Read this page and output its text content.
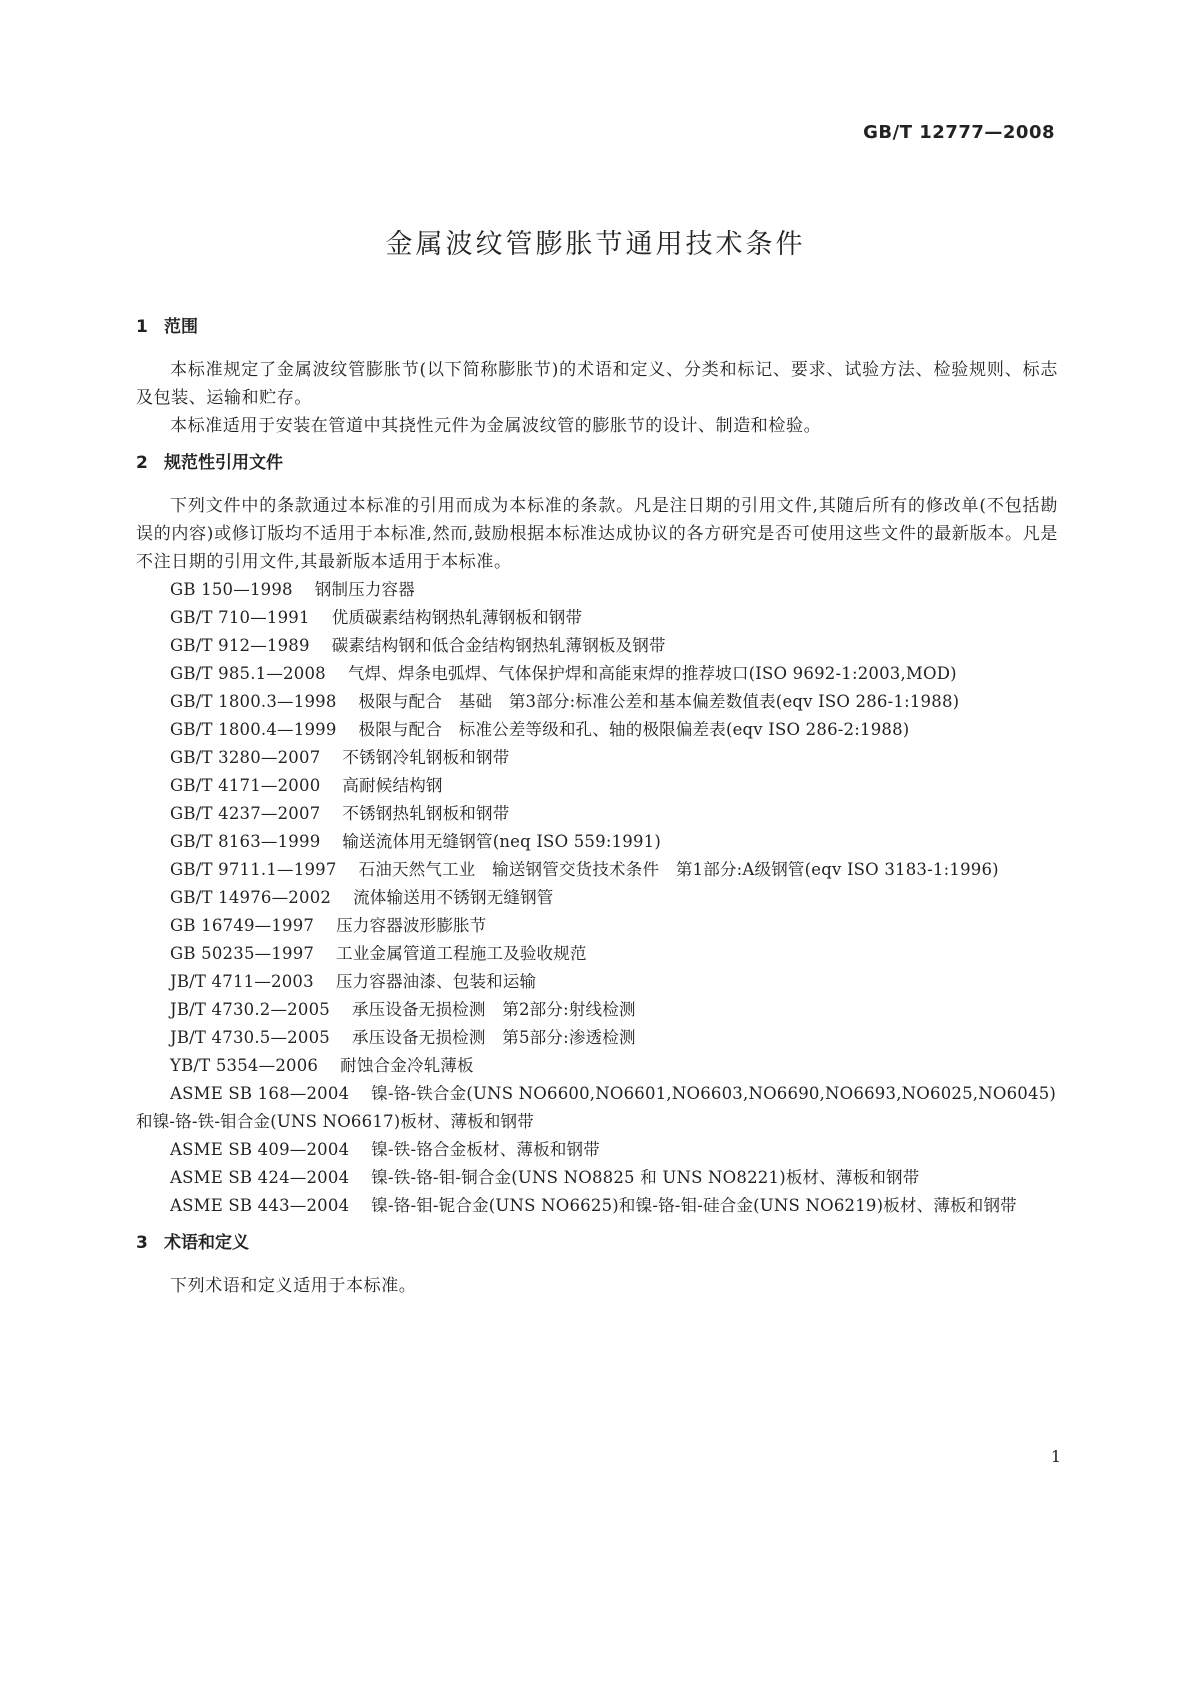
GB/T 12777—2008
金属波纹管膨胀节通用技术条件
1 范围

本标准规定了金属波纹管膨胀节(以下简称膨胀节)的术语和定义、分类和标记、要求、试验方法、检验规则、标志及包装、运输和贮存。

本标准适用于安装在管道中其挠性元件为金属波纹管的膨胀节的设计、制造和检验。

2 规范性引用文件

下列文件中的条款通过本标准的引用而成为本标准的条款。凡是注日期的引用文件,其随后所有的修改单(不包括勘误的内容)或修订版均不适用于本标准,然而,鼓励根据本标准达成协议的各方研究是否可使用这些文件的最新版本。凡是不注日期的引用文件,其最新版本适用于本标准。

GB 150—1998 钢制压力容器

GB/T 710—1991 优质碳素结构钢热轧薄钢板和钢带

GB/T 912—1989 碳素结构钢和低合金结构钢热轧薄钢板及钢带

GB/T 985.1—2008 气焊、焊条电弧焊、气体保护焊和高能束焊的推荐坡口(ISO 9692-1:2003,MOD)

GB/T 1800.3—1998 极限与配合　基础　第3部分:标准公差和基本偏差数值表(eqv ISO 286-1:1988)

GB/T 1800.4—1999 极限与配合　标准公差等级和孔、轴的极限偏差表(eqv ISO 286-2:1988)

GB/T 3280—2007 不锈钢冷轧钢板和钢带

GB/T 4171—2000 高耐候结构钢

GB/T 4237—2007 不锈钢热轧钢板和钢带

GB/T 8163—1999 输送流体用无缝钢管(neq ISO 559:1991)

GB/T 9711.1—1997 石油天然气工业　输送钢管交货技术条件　第1部分:A级钢管(eqv ISO 3183-1:1996)

GB/T 14976—2002 流体输送用不锈钢无缝钢管

GB 16749—1997 压力容器波形膨胀节

GB 50235—1997 工业金属管道工程施工及验收规范

JB/T 4711—2003 压力容器油漆、包装和运输

JB/T 4730.2—2005 承压设备无损检测　第2部分:射线检测

JB/T 4730.5—2005 承压设备无损检测　第5部分:渗透检测

YB/T 5354—2006 耐蚀合金冷轧薄板

ASME SB 168—2004 镍-铬-铁合金(UNS NO6600,NO6601,NO6603,NO6690,NO6693,NO6025,NO6045)和镍-铬-铁-钼合金(UNS NO6617)板材、薄板和钢带

ASME SB 409—2004 镍-铁-铬合金板材、薄板和钢带

ASME SB 424—2004 镍-铁-铬-钼-铜合金(UNS NO8825 和 UNS NO8221)板材、薄板和钢带

ASME SB 443—2004 镍-铬-钼-铌合金(UNS NO6625)和镍-铬-钼-硅合金(UNS NO6219)板材、薄板和钢带

3 术语和定义

下列术语和定义适用于本标准。

1
